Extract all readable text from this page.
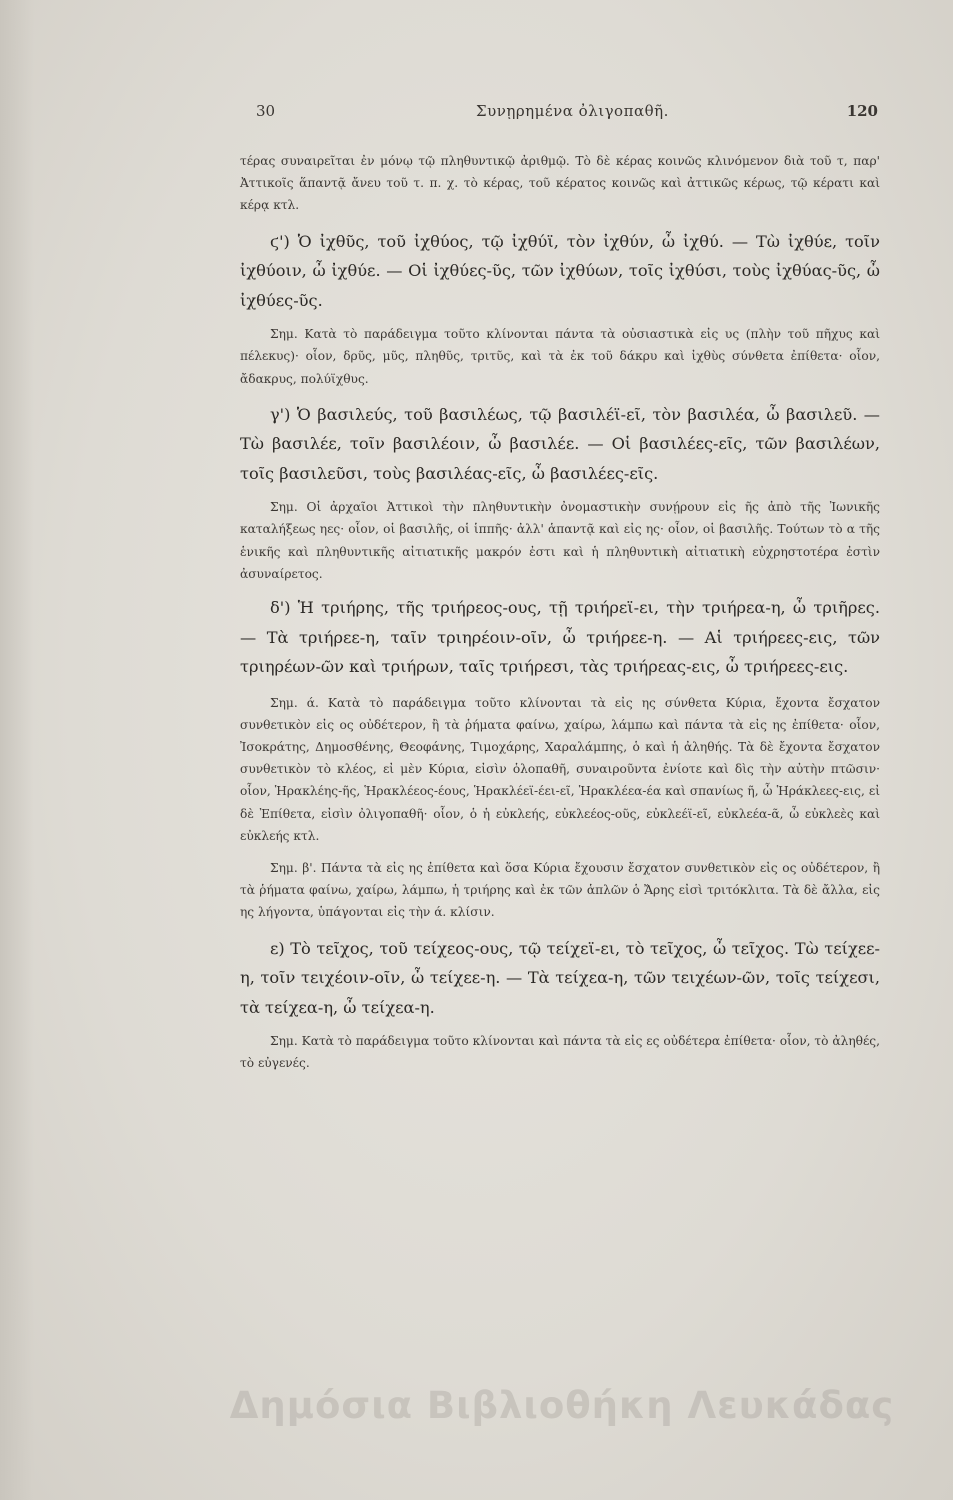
30	Συνῃρημένα ὀλιγοπαθῆ.	120

τέρας συναιρεῖται ἐν μόνῳ τῷ πληθυντικῷ ἀριθμῷ. Τὸ δὲ κέρας κοινῶς κλινόμενον διὰ τοῦ τ, παρ' Ἀττικοῖς ἅπαντᾷ ἄνευ τοῦ τ. π. χ. τὸ κέρας, τοῦ κέρατος κοινῶς καὶ ἀττικῶς κέρως, τῷ κέρατι καὶ κέρᾳ κτλ.

ϛ') Ὁ ἰχθῦς, τοῦ ἰχθύος, τῷ ἰχθύϊ, τὸν ἰχθύν, ὦ ἰχθύ. — Τὼ ἰχθύε, τοῖν ἰχθύοιν, ὦ ἰχθύε. — Οἱ ἰχθύες-ῦς, τῶν ἰχθύων, τοῖς ἰχθύσι, τοὺς ἰχθύας-ῦς, ὦ ἰχθύες-ῦς.

Σημ. Κατὰ τὸ παράδειγμα τοῦτο κλίνονται πάντα τὰ οὐσιαστικὰ εἰς υς (πλὴν τοῦ πῆχυς καὶ πέλεκυς)· οἷον, δρῦς, μῦς, πληθῦς, τριτῦς, καὶ τὰ ἐκ τοῦ δάκρυ καὶ ἰχθὺς σύνθετα ἐπίθετα· οἷον, ἄδακρυς, πολύϊχθυς.

γ') Ὁ βασιλεύς, τοῦ βασιλέως, τῷ βασιλέϊ-εῖ, τὸν βασιλέα, ὦ βασιλεῦ. — Τὼ βασιλέε, τοῖν βασιλέοιν, ὦ βασιλέε. — Οἱ βασιλέες-εῖς, τῶν βασιλέων, τοῖς βασιλεῦσι, τοὺς βασιλέας-εῖς, ὦ βασιλέες-εῖς.

Σημ. Οἱ ἀρχαῖοι Ἀττικοὶ τὴν πληθυντικὴν ὀνομαστικὴν συνῄρουν εἰς ῆς ἀπὸ τῆς Ἰωνικῆς καταλήξεως ηες· οἷον, οἱ βασιλῆς, οἱ ἱππῆς· ἀλλ' ἁπαντᾷ καὶ εἰς ης· οἷον, οἱ βασιλῆς. Τούτων τὸ α τῆς ἑνικῆς καὶ πληθυντικῆς αἰτιατικῆς μακρόν ἐστι καὶ ἡ πληθυντικὴ αἰτιατικὴ εὐχρηστοτέρα ἐστὶν ἀσυναίρετος.

δ') Ἡ τριήρης, τῆς τριήρεος-ους, τῇ τριήρεϊ-ει, τὴν τριήρεα-η, ὦ τριῆρες. — Τὰ τριήρεε-η, ταῖν τριηρέοιν-οῖν, ὦ τριήρεε-η. — Αἱ τριήρεες-εις, τῶν τριηρέων-ῶν καὶ τριήρων, ταῖς τριήρεσι, τὰς τριήρεας-εις, ὦ τριήρεες-εις.

Σημ. ά. Κατὰ τὸ παράδειγμα τοῦτο κλίνονται τὰ εἰς ης σύνθετα Κύρια, ἔχοντα ἔσχατον συνθετικὸν εἰς ος οὐδέτερον, ἢ τὰ ῥήματα φαίνω, χαίρω, λάμπω καὶ πάντα τὰ εἰς ης ἐπίθετα· οἷον, Ἰσοκράτης, Δημοσθένης, Θεοφάνης, Τιμοχάρης, Χαραλάμπης, ὁ καὶ ἡ ἀληθής. Τὰ δὲ ἔχοντα ἔσχατον συνθετικὸν τὸ κλέος, εἰ μὲν Κύρια, εἰσὶν ὁλοπαθῆ, συναιροῦντα ἐνίοτε καὶ δὶς τὴν αὐτὴν πτῶσιν· οἷον, Ἡρακλέης-ῆς, Ἡρακλέεος-έους, Ἡρακλέεϊ-έει-εῖ, Ἡρακλέεα-έα καὶ σπανίως ῆ, ὦ Ἡράκλεες-εις, εἰ δὲ Ἐπίθετα, εἰσὶν ὀλιγοπαθῆ· οἷον, ὁ ἡ εὐκλεής, εὐκλεέος-οῦς, εὐκλεέϊ-εῖ, εὐκλεέα-ᾶ, ὦ εὐκλεὲς καὶ εὐκλεής κτλ.

Σημ. β'. Πάντα τὰ εἰς ης ἐπίθετα καὶ ὅσα Κύρια ἔχουσιν ἔσχατον συνθετικὸν εἰς ος οὐδέτερον, ἢ τὰ ῥήματα φαίνω, χαίρω, λάμπω, ἡ τριήρης καὶ ἐκ τῶν ἁπλῶν ὁ Ἄρης εἰσὶ τριτόκλιτα. Τὰ δὲ ἄλλα, εἰς ης λήγοντα, ὑπάγονται εἰς τὴν ά. κλίσιν.

ε) Τὸ τεῖχος, τοῦ τείχεος-ους, τῷ τείχεϊ-ει, τὸ τεῖχος, ὦ τεῖχος. Τὼ τείχεε-η, τοῖν τειχέοιν-οῖν, ὦ τείχεε-η. — Τὰ τείχεα-η, τῶν τειχέων-ῶν, τοῖς τείχεσι, τὰ τείχεα-η, ὦ τείχεα-η.

Σημ. Κατὰ τὸ παράδειγμα τοῦτο κλίνονται καὶ πάντα τὰ εἰς ες οὐδέτερα ἐπίθετα· οἷον, τὸ ἀληθές, τὸ εὐγενές.

Δημόσια Βιβλιοθήκη Λευκάδας
